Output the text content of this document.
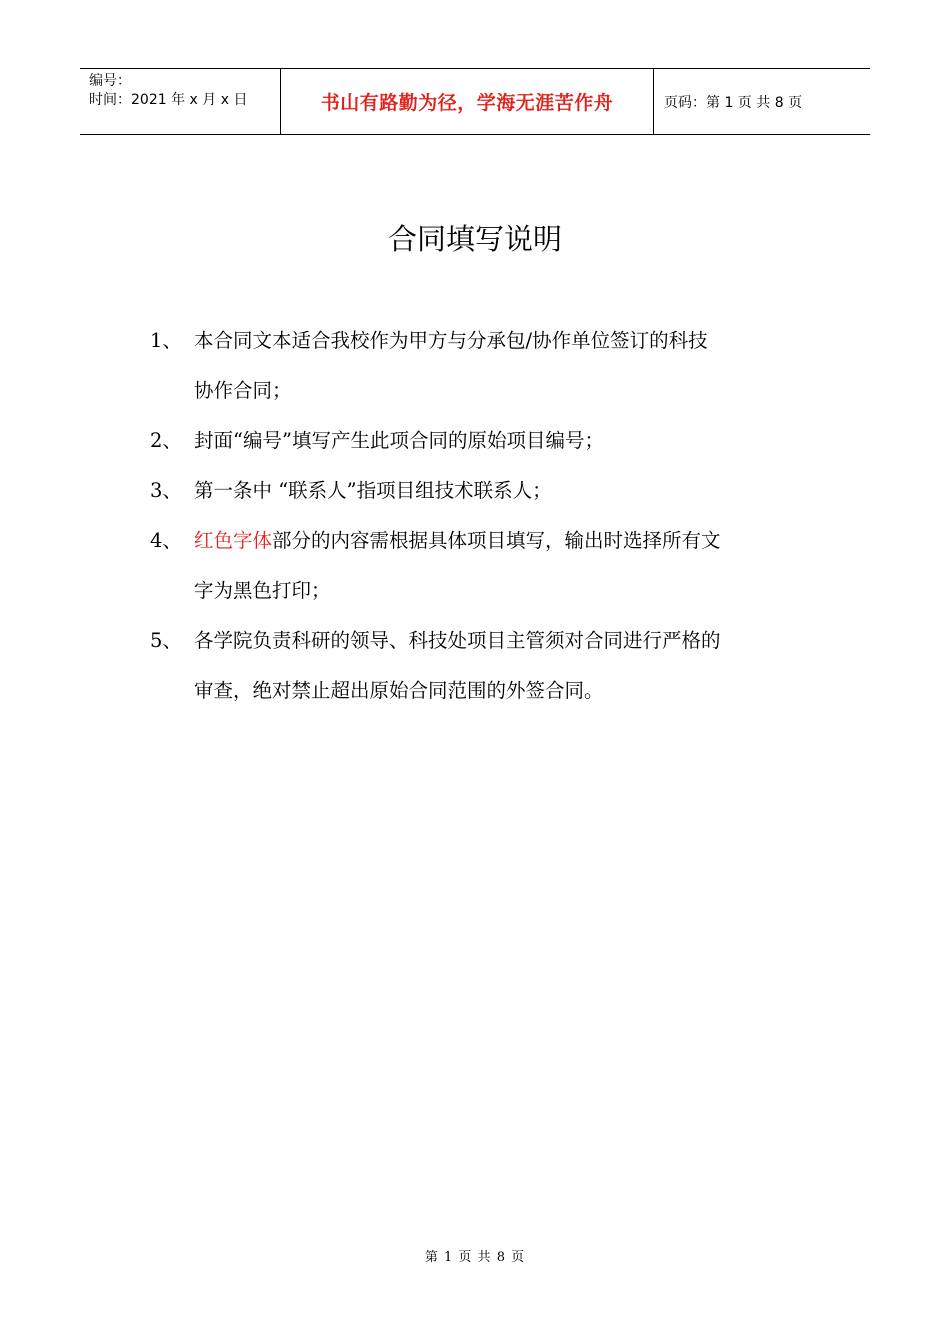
编号：
时间：2021 年 x 月 x 日	书山有路勤为径，学海无涯苦作舟	页码：第 1 页 共 8 页
合同填写说明
1、 本合同文本适合我校作为甲方与分承包/协作单位签订的科技
协作合同；
2、 封面“编号”填写产生此项合同的原始项目编号；
3、 第一条中 “联系人”指项目组技术联系人；
4、 红色字体部分的内容需根据具体项目填写，输出时选择所有文
字为黑色打印；
5、 各学院负责科研的领导、科技处项目主管须对合同进行严格的
审查，绝对禁止超出原始合同范围的外签合同。
第 1 页 共 8 页
